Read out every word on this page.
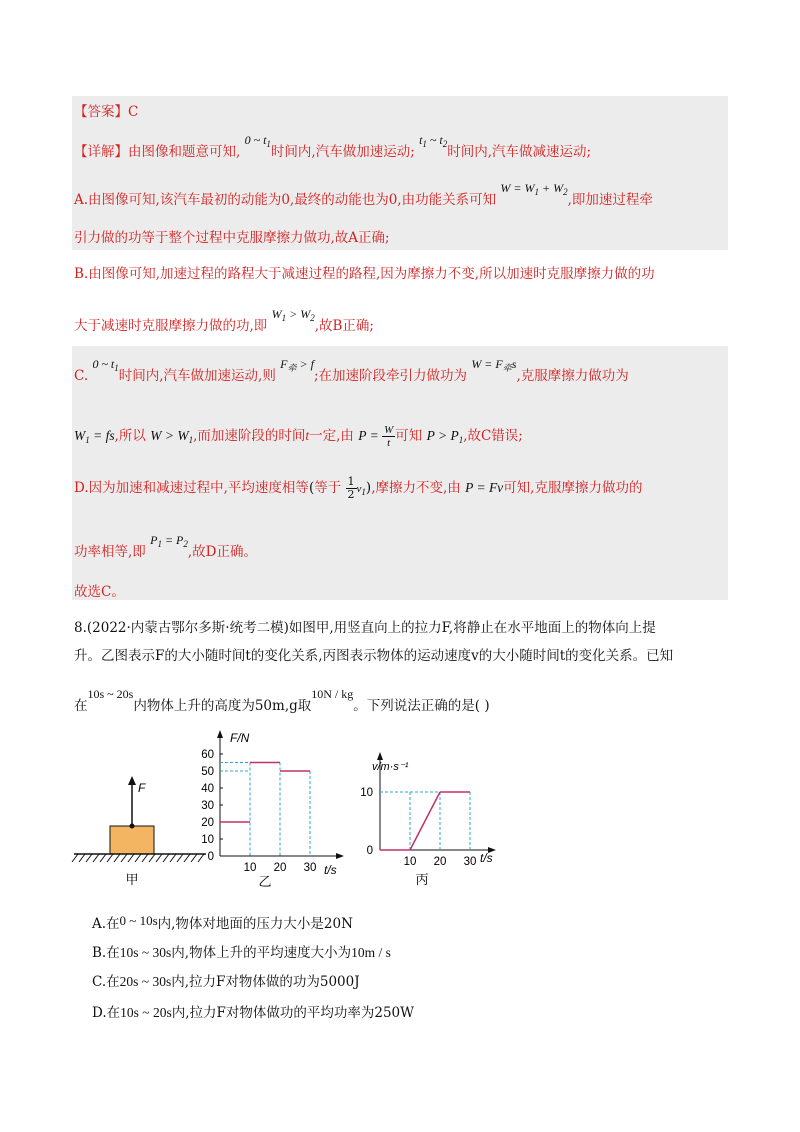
【答案】C
【详解】由图像和题意可知, 0 ~ $t_1$时间内,汽车做加速运动; $t_1$ ~ $t_2$时间内,汽车做减速运动;
A.由图像可知,该汽车最初的动能为0,最终的动能也为0,由功能关系可知 $W = W_1 + W_2$,即加速过程牵
引力做的功等于整个过程中克服摩擦力做功,故A正确;
B.由图像可知,加速过程的路程大于减速过程的路程,因为摩擦力不变,所以加速时克服摩擦力做的功
大于减速时克服摩擦力做的功,即 $W_1 > W_2$,故B正确;
C. 0 ~ $t_1$时间内,汽车做加速运动,则 $F_牵 > f$;在加速阶段牵引力做功为 $W = F_牵s$,克服摩擦力做功为
$W_1$ = fs,所以 $W > W_1$,而加速阶段的时间t一定,由 $P = \frac{W}{t}$可知 $P > P_1$,故C错误;
D.因为加速和减速过程中,平均速度相等(等于 $\frac{1}{2}v_1$),摩擦力不变,由 P = Fv可知,克服摩擦力做功的
功率相等,即 $P_1 = P_2$,故D正确。
故选C。
8.(2022·内蒙古鄂尔多斯·统考二模)如图甲,用竖直向上的拉力F,将静止在水平地面上的物体向上提
升。乙图表示F的大小随时间t的变化关系,丙图表示物体的运动速度v的大小随时间t的变化关系。已知
在10s ~ 20s内物体上升的高度为50m,g取10N / kg。下列说法正确的是( )
F
甲
F/N
t/s
乙
60
50
40
30
20
10
0
10 20 30
v/m·s⁻¹
t/s
丙
10
0
10 20 30
A.在0 ~ 10s内,物体对地面的压力大小是20N
B.在10s ~ 30s内,物体上升的平均速度大小为10m / s
C.在20s ~ 30s内,拉力F对物体做的功为5000J
D.在10s ~ 20s内,拉力F对物体做功的平均功率为250W
